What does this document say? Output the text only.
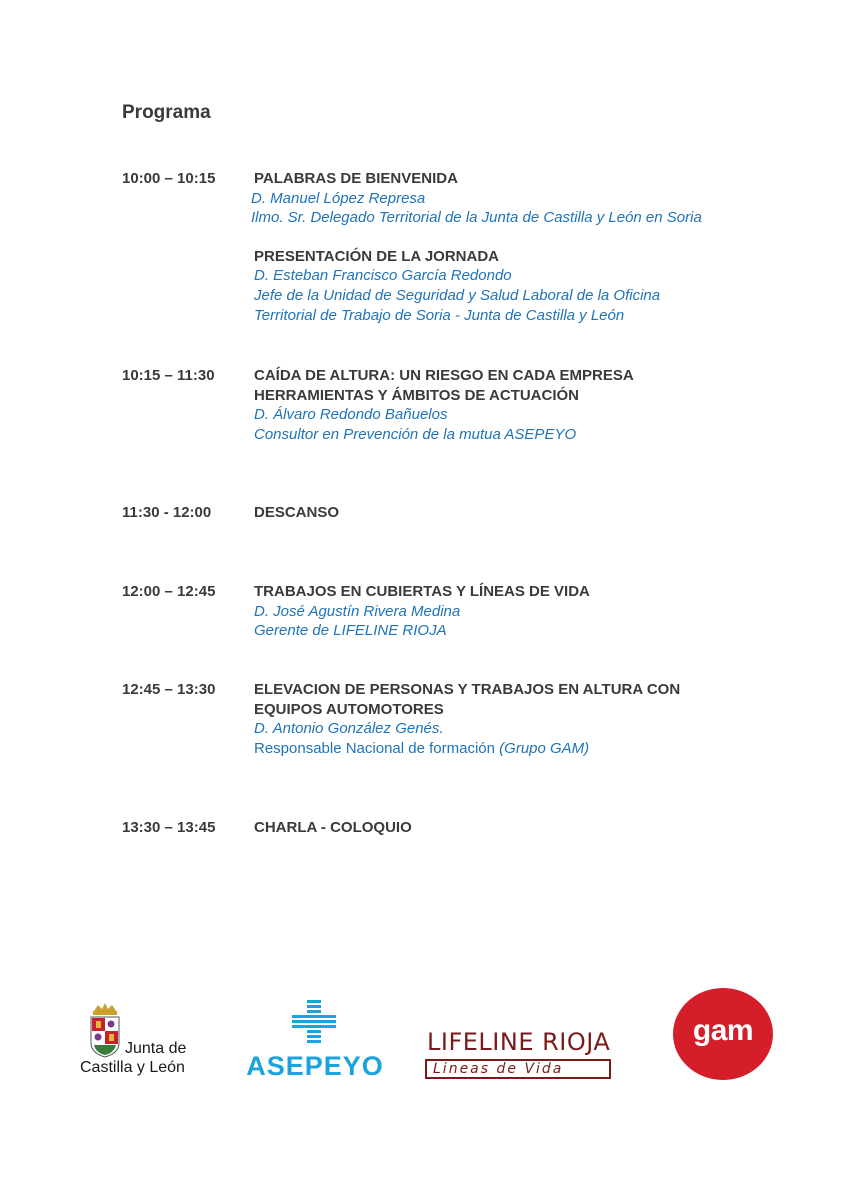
Programa
10:00 – 10:15	PALABRAS DE BIENVENIDA
D. Manuel López Represa
Ilmo. Sr. Delegado Territorial de la Junta de Castilla y León en Soria
PRESENTACIÓN DE LA JORNADA
D. Esteban Francisco García Redondo
Jefe de la Unidad de Seguridad y Salud Laboral de la Oficina
Territorial de Trabajo de Soria - Junta de Castilla y León
10:15 – 11:30	CAÍDA DE ALTURA: UN RIESGO EN CADA EMPRESA
HERRAMIENTAS Y ÁMBITOS DE ACTUACIÓN
D. Álvaro Redondo Bañuelos
Consultor en Prevención de la mutua ASEPEYO
11:30 - 12:00	DESCANSO
12:00 – 12:45	TRABAJOS EN CUBIERTAS Y LÍNEAS DE VIDA
D. José Agustín Rivera Medina
Gerente de LIFELINE RIOJA
12:45 – 13:30	ELEVACION DE PERSONAS Y TRABAJOS EN ALTURA CON
EQUIPOS AUTOMOTORES
D. Antonio González Genés.
Responsable Nacional de formación (Grupo GAM)
13:30 – 13:45	CHARLA - COLOQUIO
Junta de
Castilla y León	ASEPEYO
LIFELINE RIOJA
Lineas de Vida
gam
